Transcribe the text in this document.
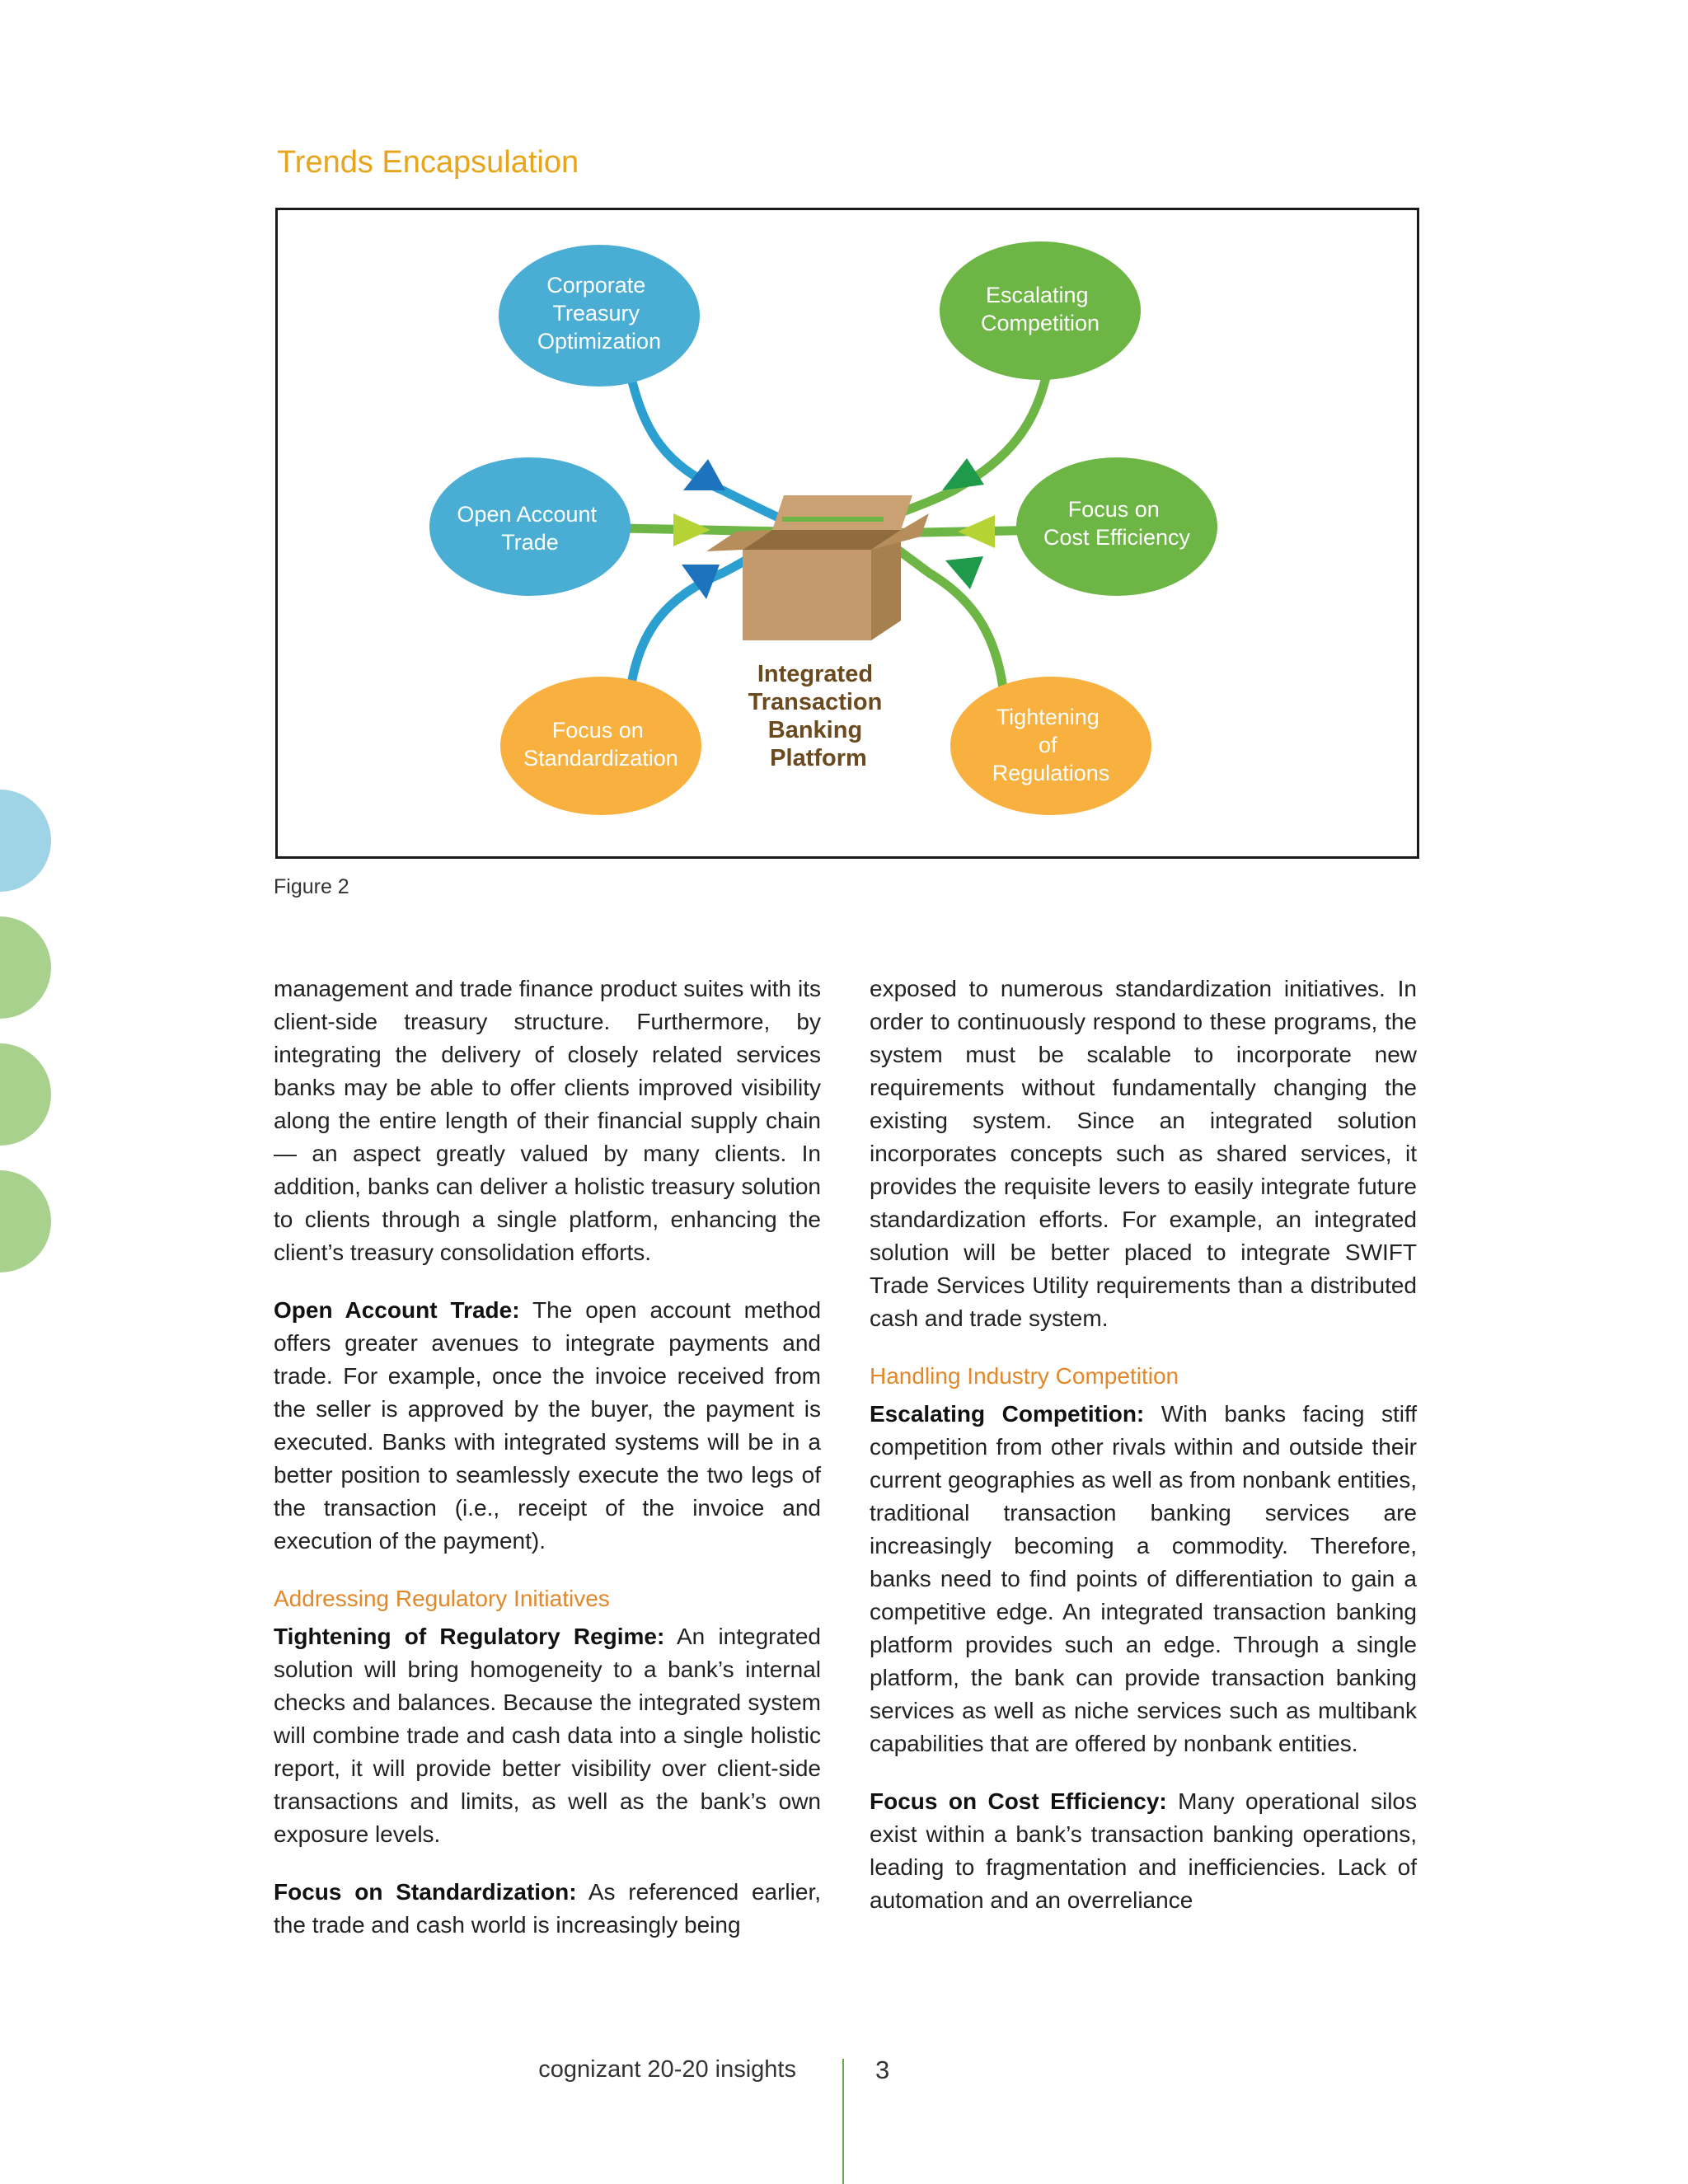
Trends Encapsulation
Integrated Transaction Banking Platform
Corporate Treasury Optimization
Escalating Competition
Open Account Trade
Focus on Cost Efficiency
Focus on Standardization
Tightening of Regulations
Figure 2

management and trade finance product suites with its client-side treasury structure. Furthermore, by integrating the delivery of closely related services banks may be able to offer clients improved visibility along the entire length of their financial supply chain — an aspect greatly valued by many clients. In addition, banks can deliver a holistic treasury solution to clients through a single platform, enhancing the client’s treasury consolidation efforts.

Open Account Trade: The open account method offers greater avenues to integrate payments and trade. For example, once the invoice received from the seller is approved by the buyer, the payment is executed. Banks with integrated systems will be in a better position to seamlessly execute the two legs of the transaction (i.e., receipt of the invoice and execution of the payment).

Addressing Regulatory Initiatives

Tightening of Regulatory Regime: An integrated solution will bring homogeneity to a bank’s internal checks and balances. Because the integrated system will combine trade and cash data into a single holistic report, it will provide better visibility over client-side transactions and limits, as well as the bank’s own exposure levels.

Focus on Standardization: As referenced earlier, the trade and cash world is increasingly being

exposed to numerous standardization initiatives. In order to continuously respond to these programs, the system must be scalable to incorporate new requirements without fundamentally changing the existing system. Since an integrated solution incorporates concepts such as shared services, it provides the requisite levers to easily integrate future standardization efforts. For example, an integrated solution will be better placed to integrate SWIFT Trade Services Utility requirements than a distributed cash and trade system.

Handling Industry Competition

Escalating Competition: With banks facing stiff competition from other rivals within and outside their current geographies as well as from nonbank entities, traditional transaction banking services are increasingly becoming a commodity. Therefore, banks need to find points of differentiation to gain a competitive edge. An integrated transaction banking platform provides such an edge. Through a single platform, the bank can provide transaction banking services as well as niche services such as multibank capabilities that are offered by nonbank entities.

Focus on Cost Efficiency: Many operational silos exist within a bank’s transaction banking operations, leading to fragmentation and inefficiencies. Lack of automation and an overreliance

cognizant 20-20 insights	3
